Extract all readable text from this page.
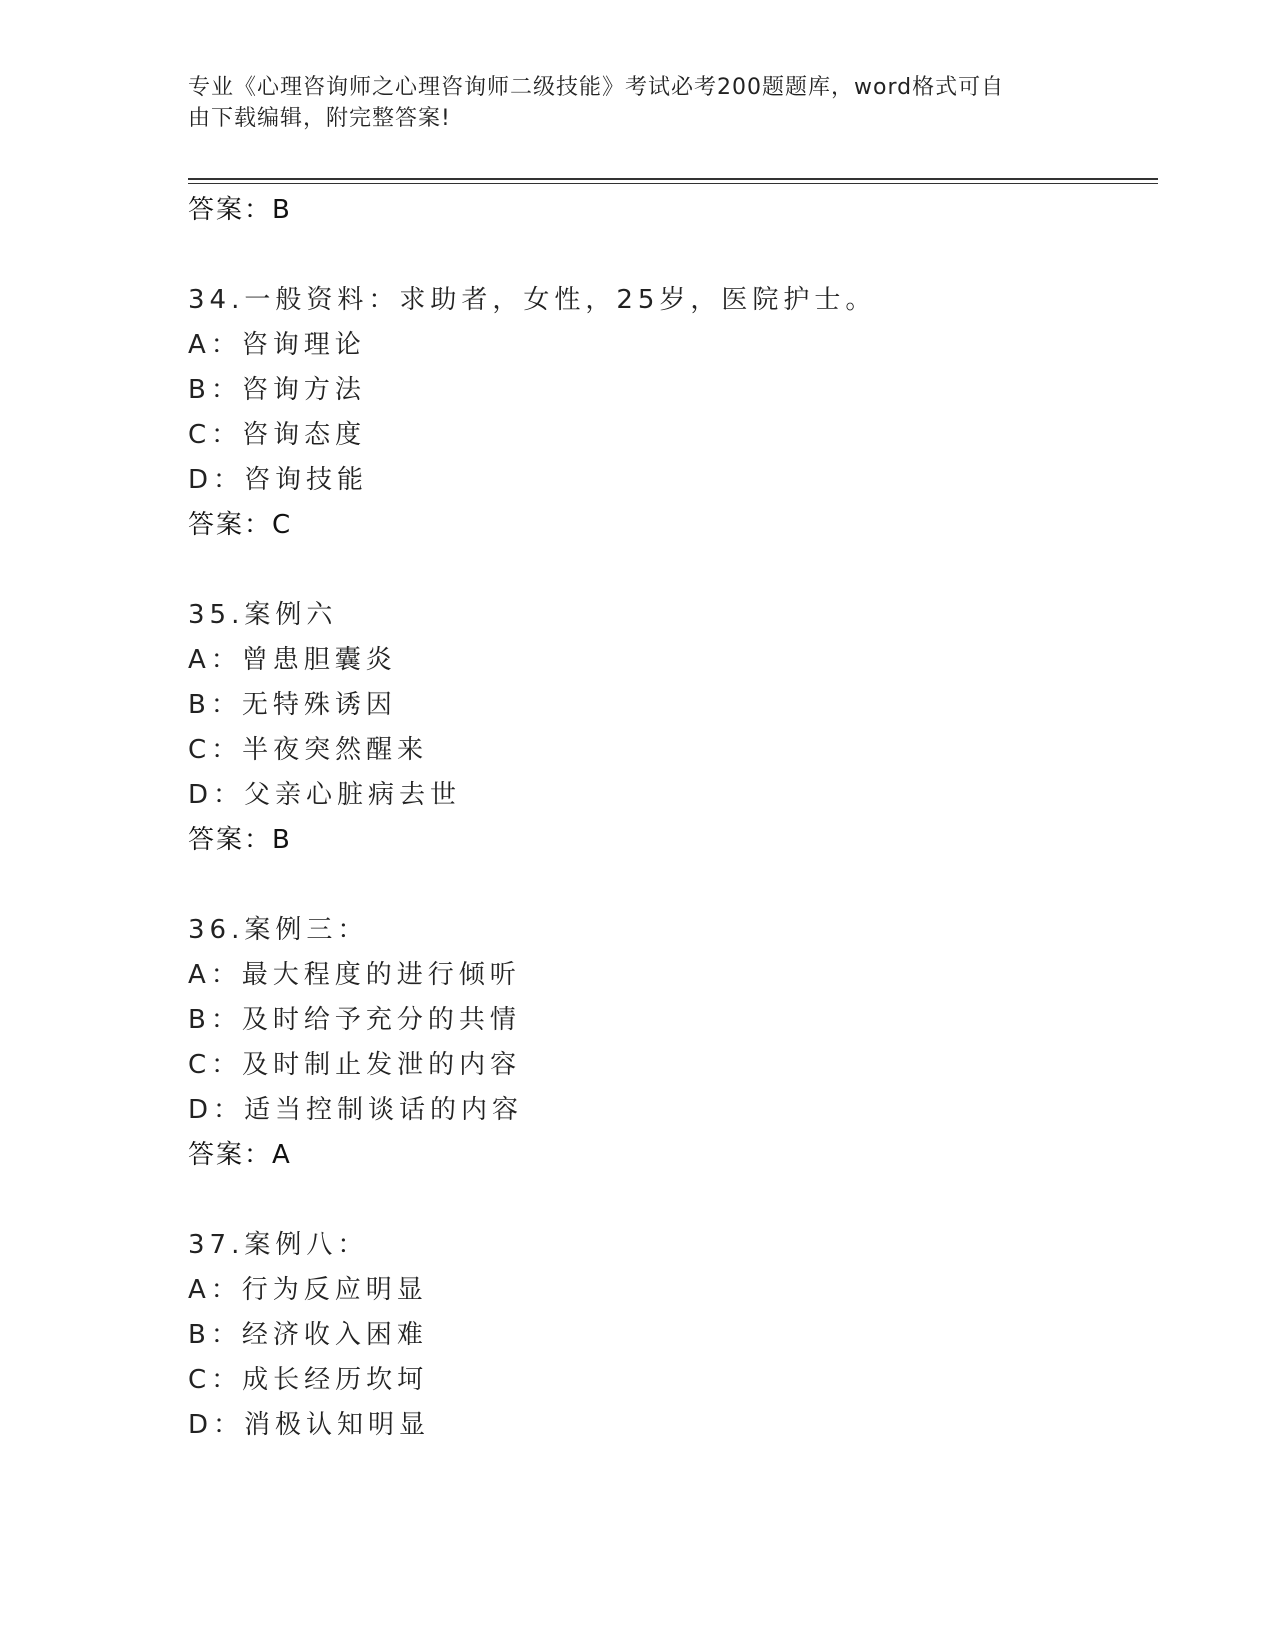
专业《心理咨询师之心理咨询师二级技能》考试必考200题题库，word格式可自
由下载编辑，附完整答案!
答案：B
34.一般资料：求助者，女性，25岁，医院护士。
A：咨询理论
B：咨询方法
C：咨询态度
D：咨询技能
答案：C
35.案例六
A：曾患胆囊炎
B：无特殊诱因
C：半夜突然醒来
D：父亲心脏病去世
答案：B
36.案例三：
A：最大程度的进行倾听
B：及时给予充分的共情
C：及时制止发泄的内容
D：适当控制谈话的内容
答案：A
37.案例八：
A：行为反应明显
B：经济收入困难
C：成长经历坎坷
D：消极认知明显
